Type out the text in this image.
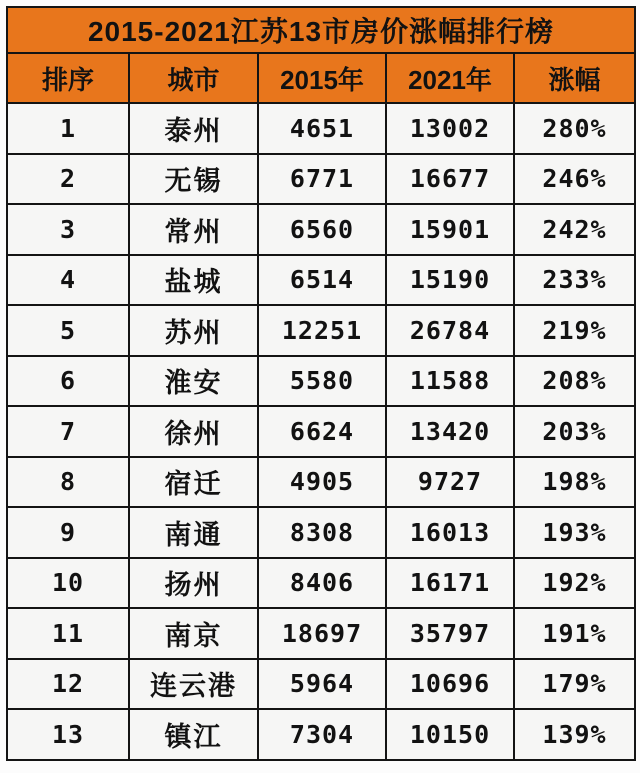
2015-2021江苏13市房价涨幅排行榜				
排序	城市	2015年	2021年	涨幅
1	泰州	4651	13002	280%
2	无锡	6771	16677	246%
3	常州	6560	15901	242%
4	盐城	6514	15190	233%
5	苏州	12251	26784	219%
6	淮安	5580	11588	208%
7	徐州	6624	13420	203%
8	宿迁	4905	9727	198%
9	南通	8308	16013	193%
10	扬州	8406	16171	192%
11	南京	18697	35797	191%
12	连云港	5964	10696	179%
13	镇江	7304	10150	139%
